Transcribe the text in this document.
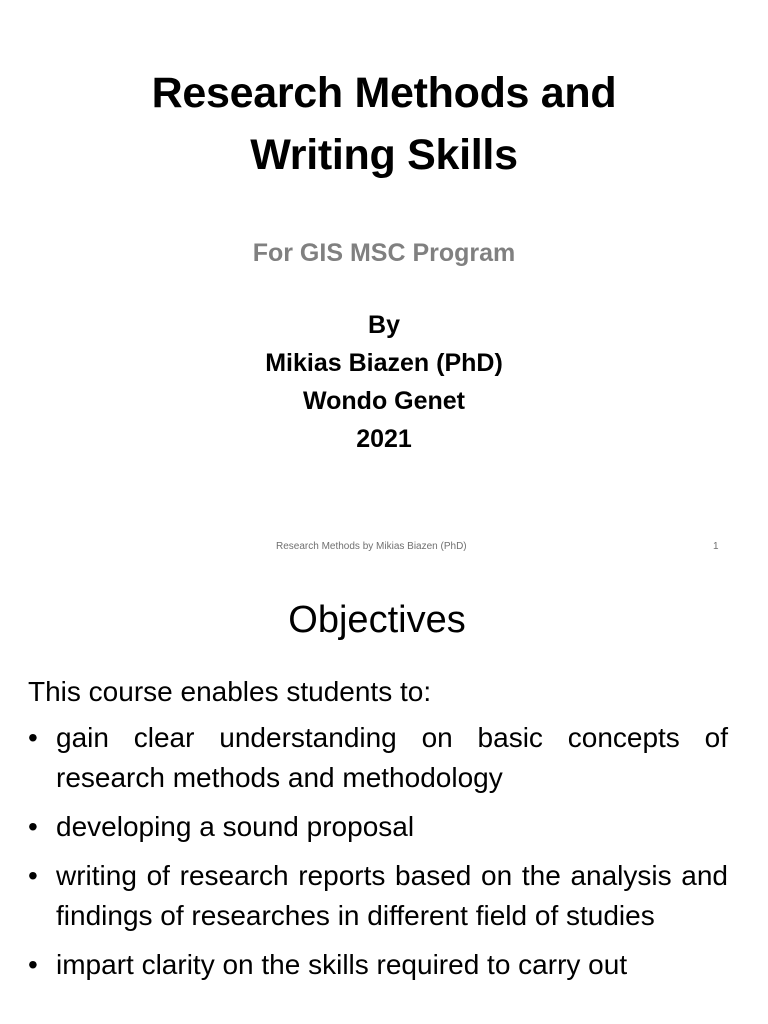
Research Methods and
Writing Skills
For GIS MSC Program
By
Mikias Biazen (PhD)
Wondo Genet
2021
Research Methods by Mikias Biazen (PhD)	1
Objectives
This course enables students to:
• gain clear understanding on basic concepts of research methods and methodology
• developing a sound proposal
• writing of research reports based on the analysis and findings of researches in different field of studies
• impart clarity on the skills required to carry out
